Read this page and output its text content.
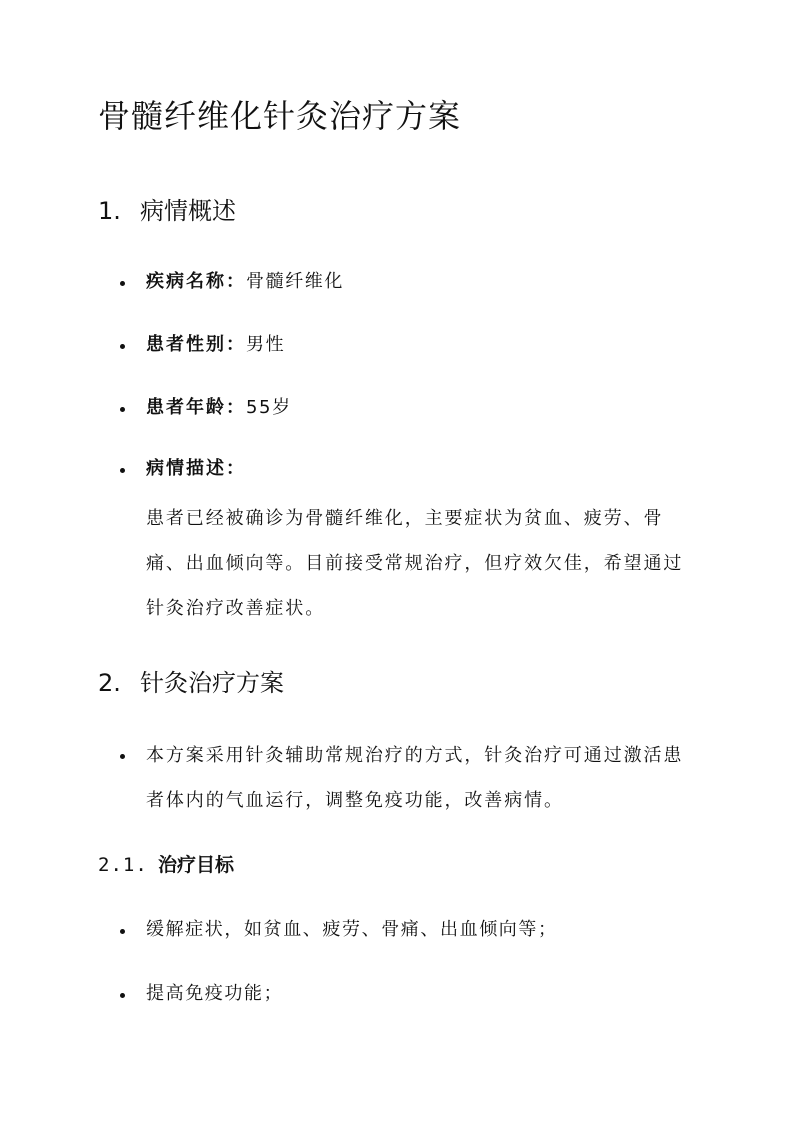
骨髓纤维化针灸治疗方案
1. 病情概述
疾病名称：骨髓纤维化
患者性别：男性
患者年龄：55岁
病情描述：

患者已经被确诊为骨髓纤维化，主要症状为贫血、疲劳、骨痛、出血倾向等。目前接受常规治疗，但疗效欠佳，希望通过针灸治疗改善症状。

2. 针灸治疗方案

本方案采用针灸辅助常规治疗的方式，针灸治疗可通过激活患者体内的气血运行，调整免疫功能，改善病情。

2.1. 治疗目标
缓解症状，如贫血、疲劳、骨痛、出血倾向等；
提高免疫功能；
